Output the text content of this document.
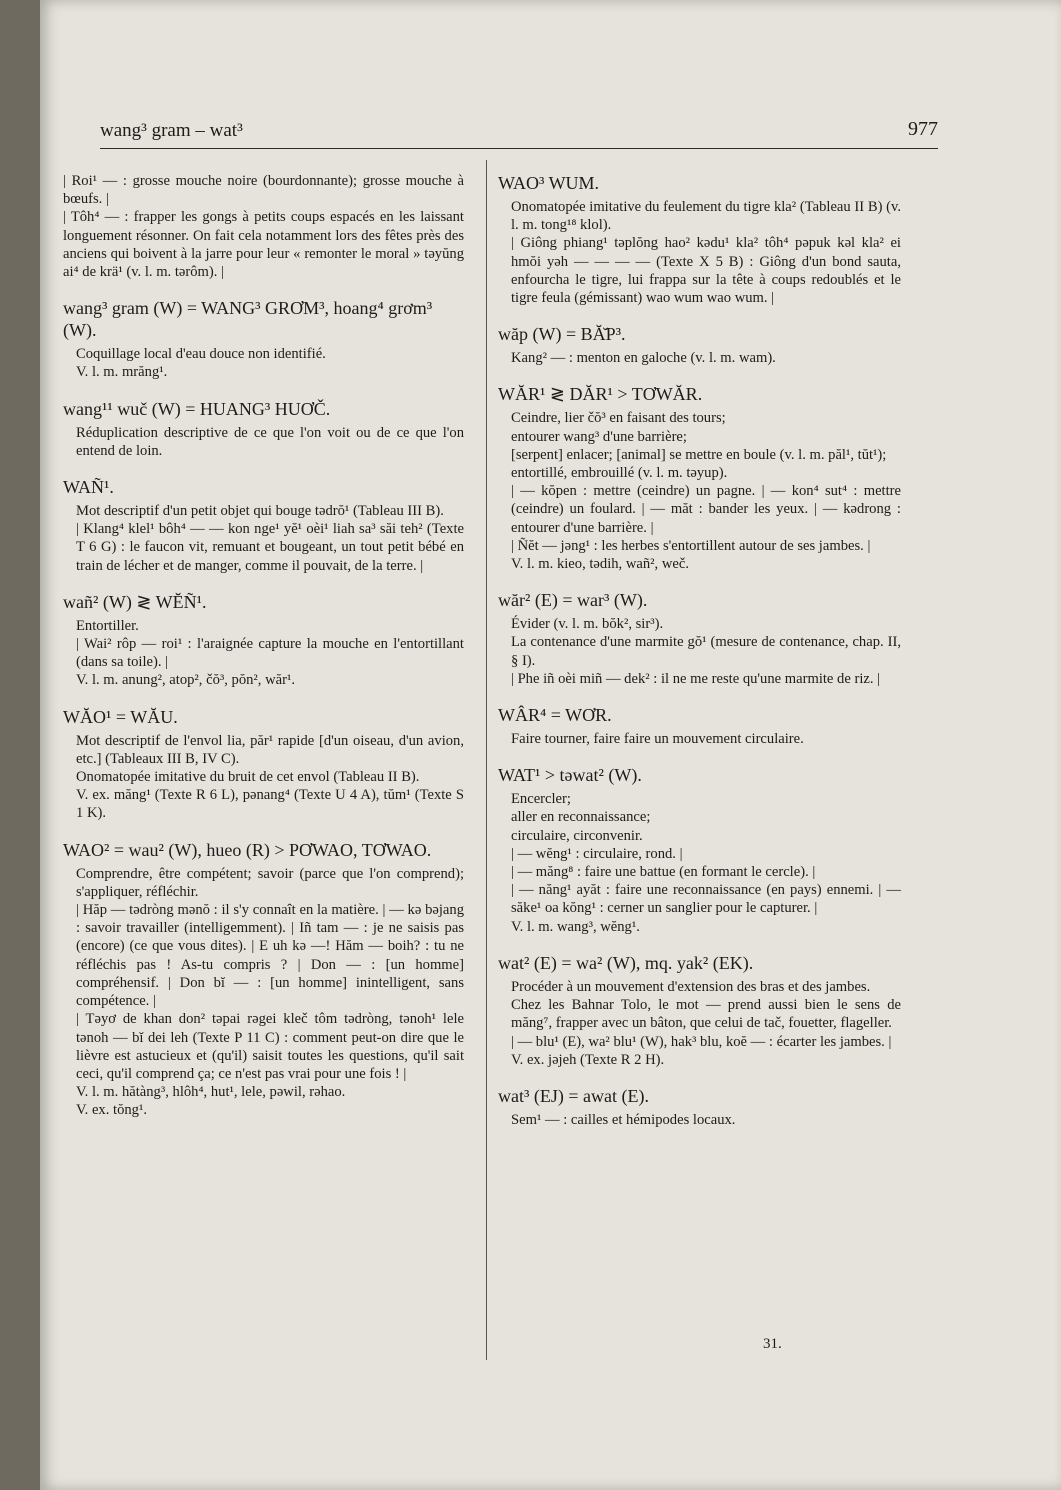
wang³ gram – wat³	977

| Roi¹ — : grosse mouche noire (bourdonnante); grosse mouche à bœufs. |

| Tôh⁴ — : frapper les gongs à petits coups espacés en les laissant longuement résonner. On fait cela notamment lors des fêtes près des anciens qui boivent à la jarre pour leur « remonter le moral » təyŭng ai⁴ de krä¹ (v. l. m. tərôm). |

wang³ gram (W) = WANG³ GRƠM³, hoang⁴ grơm³ (W).

Coquillage local d'eau douce non identifié.

V. l. m. mrăng¹.

wang¹¹ wuč (W) = HUANG³ HUƠČ.

Réduplication descriptive de ce que l'on voit ou de ce que l'on entend de loin.

WAÑ¹.

Mot descriptif d'un petit objet qui bouge tədrŏ¹ (Tableau III B).

| Klang⁴ klel¹ bôh⁴ — — kon nge¹ yĕ¹ oèi¹ liah sa³ săi teh² (Texte T 6 G) : le faucon vit, remuant et bougeant, un tout petit bébé en train de lécher et de manger, comme il pouvait, de la terre. |

wañ² (W) ≷ WĔÑ¹.

Entortiller.

| Wai² rôp — roi¹ : l'araignée capture la mouche en l'entortillant (dans sa toile). |

V. l. m. anung², atop², čŏ³, pŏn², wăr¹.

WĂO¹ = WĂU.

Mot descriptif de l'envol lia, păr¹ rapide [d'un oiseau, d'un avion, etc.] (Tableaux III B, IV C).

Onomatopée imitative du bruit de cet envol (Tableau II B).

V. ex. măng¹ (Texte R 6 L), pənang⁴ (Texte U 4 A), tŭm¹ (Texte S 1 K).

WAO² = wau² (W), hueo (R) > PƠWAO, TƠWAO.

Comprendre, être compétent; savoir (parce que l'on comprend); s'appliquer, réfléchir.

| Hăp — tədròng mənŏ : il s'y connaît en la matière. | — kə bəjang : savoir travailler (intelligemment). | Iñ tam — : je ne saisis pas (encore) (ce que vous dites). | E uh kə —! Hăm — boih? : tu ne réfléchis pas ! As-tu compris ? | Don — : [un homme] compréhensif. | Don bĭ — : [un homme] inintelligent, sans compétence. |

| Təyơ de khan don² təpai rəgei kleč tôm tədròng, tənoh¹ lele tənoh — bĭ dei leh (Texte P 11 C) : comment peut-on dire que le lièvre est astucieux et (qu'il) saisit toutes les questions, qu'il sait ceci, qu'il comprend ça; ce n'est pas vrai pour une fois ! |

V. l. m. hătàng³, hlôh⁴, hut¹, lele, pəwil, rəhao.

V. ex. tŏng¹.

WAO³ WUM.

Onomatopée imitative du feulement du tigre kla² (Tableau II B) (v. l. m. tong¹⁸ klol).

| Giông phiang¹ təplŏng hao² kədu¹ kla² tôh⁴ pəpuk kəl kla² ei hmŏi yəh — — — — (Texte X 5 B) : Giông d'un bond sauta, enfourcha le tigre, lui frappa sur la tête à coups redoublés et le tigre feula (gémissant) wao wum wao wum. |

wăp (W) = BĂ̆P³.

Kang² — : menton en galoche (v. l. m. wam).

WĂR¹ ≷ DĂR¹ > TƠWĂR.

Ceindre, lier čŏ³ en faisant des tours;

entourer wang³ d'une barrière;

[serpent] enlacer; [animal] se mettre en boule (v. l. m. păl¹, tŭt¹);

entortillé, embrouillé (v. l. m. təyup).

| — kŏpen : mettre (ceindre) un pagne. | — kon⁴ sut⁴ : mettre (ceindre) un foulard. | — măt : bander les yeux. | — kədrong : entourer d'une barrière. |

| Ñĕt — jəng¹ : les herbes s'entortillent autour de ses jambes. |

V. l. m. kieo, tədih, wañ², weč.

wăr² (E) = war³ (W).

Évider (v. l. m. bŏk², sir³).

La contenance d'une marmite gŏ¹ (mesure de contenance, chap. II, § I).

| Phe iñ oèi miñ — dek² : il ne me reste qu'une marmite de riz. |

WÂR⁴ = WƠR.

Faire tourner, faire faire un mouvement circulaire.

WAT¹ > təwat² (W).

Encercler;

aller en reconnaissance;

circulaire, circonvenir.

| — wĕng¹ : circulaire, rond. |

| — măng⁸ : faire une battue (en formant le cercle). |

| — năng¹ ayăt : faire une reconnaissance (en pays) ennemi. | — săke¹ oa kŏng¹ : cerner un sanglier pour le capturer. |

V. l. m. wang³, wĕng¹.

wat² (E) = wa² (W), mq. yak² (EK).

Procéder à un mouvement d'extension des bras et des jambes.

Chez les Bahnar Tolo, le mot — prend aussi bien le sens de măng⁷, frapper avec un bâton, que celui de tač, fouetter, flageller.

| — blu¹ (E), wa² blu¹ (W), hak³ blu, koĕ — : écarter les jambes. |

V. ex. jəjeh (Texte R 2 H).

wat³ (EJ) = awat (E).

Sem¹ — : cailles et hémipodes locaux.

31.
